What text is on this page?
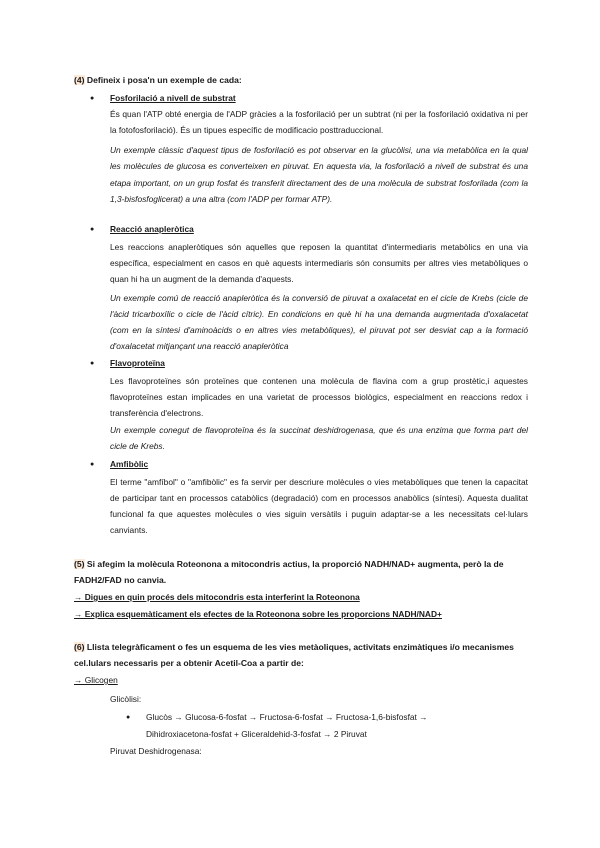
(4) Defineix i posa'n un exemple de cada:
● Fosforilació a nivell de substrat
És quan l'ATP obté energia de l'ADP gràcies a la fosforilació per un subtrat (ni per la fosforilació oxidativa ni per la fotofosforilació). És un tipues específic de modificacio posttraduccional.
Un exemple clàssic d'aquest tipus de fosforilació es pot observar en la glucòlisi, una via metabòlica en la qual les molècules de glucosa es converteixen en piruvat. En aquesta via, la fosforilació a nivell de substrat és una etapa important, on un grup fosfat és transferit directament des de una molècula de substrat fosforilada (com la 1,3-bisfosfoglicerat) a una altra (com l'ADP per formar ATP).
● Reacció anapleròtica
Les reaccions anapleròtiques són aquelles que reposen la quantitat d'intermediaris metabòlics en una via específica, especialment en casos en què aquests intermediaris són consumits per altres vies metabòliques o quan hi ha un augment de la demanda d'aquests.
Un exemple comú de reacció anapleròtica és la conversió de piruvat a oxalacetat en el cicle de Krebs (cicle de l'àcid tricarboxílic o cicle de l'àcid cítric). En condicions en què hi ha una demanda augmentada d'oxalacetat (com en la síntesi d'aminoàcids o en altres vies metabòliques), el piruvat pot ser desviat cap a la formació d'oxalacetat mitjançant una reacció anapleròtica
● Flavoproteïna
Les flavoproteïnes són proteïnes que contenen una molècula de flavina com a grup prostètic,i aquestes flavoproteïnes estan implicades en una varietat de processos biològics, especialment en reaccions redox i transferència d'electrons.
Un exemple conegut de flavoproteïna és la succinat deshidrogenasa, que és una enzima que forma part del cicle de Krebs.
● Amfibòlic
El terme "amfíbol" o "amfibòlic" es fa servir per descriure molècules o vies metabòliques que tenen la capacitat de participar tant en processos catabòlics (degradació) com en processos anabòlics (síntesi). Aquesta dualitat funcional fa que aquestes molècules o vies siguin versàtils i puguin adaptar-se a les necessitats cel·lulars canviants.
(5) Si afegim la molècula Roteonona a mitocondris actius, la proporció NADH/NAD+ augmenta, però la de FADH2/FAD no canvia.
→ Digues en quin procés dels mitocondris esta interferint la Roteonona
→ Explica esquemàticament els efectes de la Roteonona sobre les proporcions NADH/NAD+
(6) Llista telegràficament o fes un esquema de les vies metàoliques, activitats enzimàtiques i/o mecanismes cel.lulars necessaris per a obtenir Acetil-Coa a partir de:
→ Glicogen
Glicòlisi:
● Glucòs → Glucosa-6-fosfat → Fructosa-6-fosfat → Fructosa-1,6-bisfosfat →
Dihidroxiacetona-fosfat + Gliceraldehid-3-fosfat → 2 Piruvat
Piruvat Deshidrogenasa:
